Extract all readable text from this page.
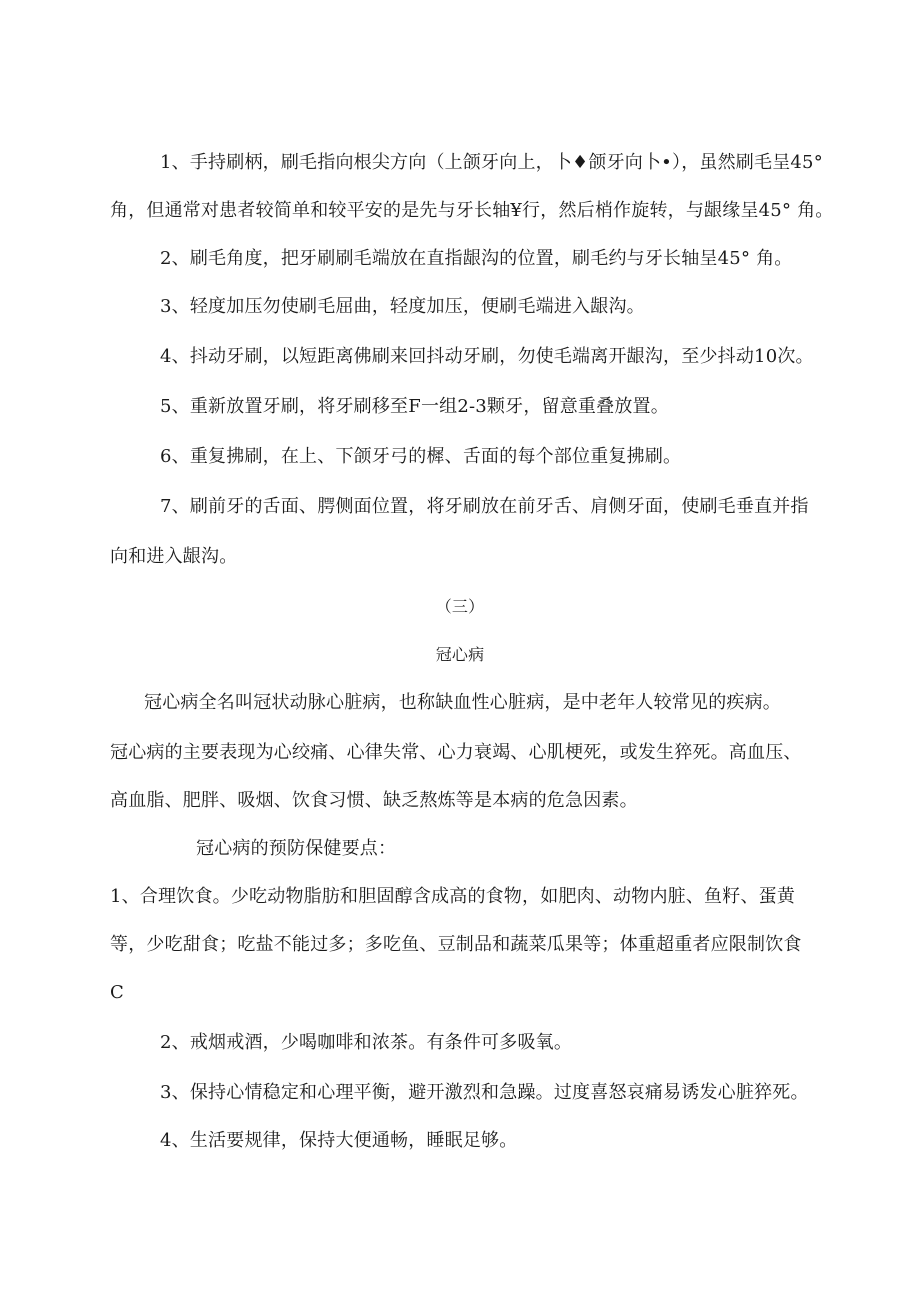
1、手持刷柄，刷毛指向根尖方向（上颌牙向上，卜♦颌牙向卜•），虽然刷毛呈45°
角，但通常对患者较简单和较平安的是先与牙长轴¥行，然后梢作旋转，与龈缘呈45° 角。
2、刷毛角度，把牙刷刷毛端放在直指龈沟的位置，刷毛约与牙长轴呈45° 角。
3、轻度加压勿使刷毛屈曲，轻度加压，便刷毛端进入龈沟。
4、抖动牙刷，以短距离佛刷来回抖动牙刷，勿使毛端离开龈沟，至少抖动10次。
5、重新放置牙刷，将牙刷移至F一组2-3颗牙，留意重叠放置。
6、重复拂刷，在上、下颌牙弓的樨、舌面的每个部位重复拂刷。
7、刷前牙的舌面、腭侧面位置，将牙刷放在前牙舌、肩侧牙面，使刷毛垂直并指
向和进入龈沟。
（三）
冠心病
冠心病全名叫冠状动脉心脏病，也称缺血性心脏病，是中老年人较常见的疾病。
冠心病的主要表现为心绞痛、心律失常、心力衰竭、心肌梗死，或发生猝死。高血压、
高血脂、肥胖、吸烟、饮食习惯、缺乏熬炼等是本病的危急因素。
冠心病的预防保健要点：
1、合理饮食。少吃动物脂肪和胆固醇含成高的食物，如肥肉、动物内脏、鱼籽、蛋黄
等，少吃甜食；吃盐不能过多；多吃鱼、豆制品和蔬菜瓜果等；体重超重者应限制饮食
C
2、戒烟戒酒，少喝咖啡和浓茶。有条件可多吸氧。
3、保持心情稳定和心理平衡，避开激烈和急躁。过度喜怒哀痛易诱发心脏猝死。
4、生活要规律，保持大便通畅，睡眠足够。
